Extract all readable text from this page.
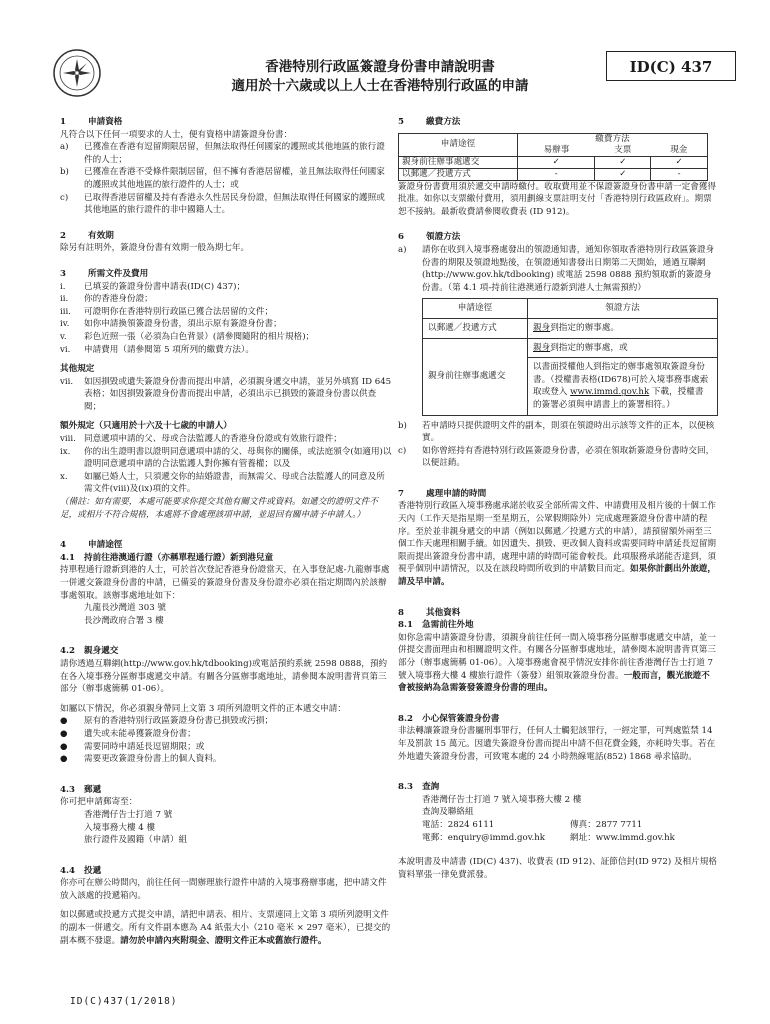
香港特別行政區簽證身份書申請說明書
適用於十六歲或以上人士在香港特別行政區的申請
ID(C) 437
1	申請資格

凡符合以下任何一項要求的人士，便有資格申請簽證身份書：

a)	已獲准在香港有逗留期限居留，但無法取得任何國家的護照或其他地區的旅行證件的人士；
b)	已獲准在香港不受條件限制居留，但不擁有香港居留權，並且無法取得任何國家的護照或其他地區的旅行證件的人士；或
c)	已取得香港居留權及持有香港永久性居民身份證，但無法取得任何國家的護照或其他地區的旅行證件的非中國籍人士。
2	有效期

除另有註明外，簽證身份書有效期一般為期七年。

3	所需文件及費用
i.	已填妥的簽證身份書申請表(ID(C) 437)；
ii.	你的香港身份證；
iii.	可證明你在香港特別行政區已獲合法居留的文件；
iv.	如你申請換領簽證身份書，須出示原有簽證身份書；
v.	彩色近照一張（必須為白色背景）(請參閱隨附的相片規格)；
vi.	申請費用（請參閱第 5 項所列的繳費方法）。

其他規定

vii.	如因損毀或遺失簽證身份書而提出申請，必須親身遞交申請，並另外填寫 ID 645 表格；如因損毀簽證身份書而提出申請，必須出示已損毀的簽證身份書以供查閱；

額外規定（只適用於十六及十七歲的申請人）

viii. 同意遞項申請的父、母或合法監護人的香港身份證或有效旅行證件；
ix.	你的出生證明書以證明同意遞項申請的父、母與你的關係，或法庭頒令(如適用)以證明同意遞項申請的合法監護人對你擁有管養權；以及
x.	如屬已婚人士，只須遞交你的結婚證書，而無需父、母或合法監護人的同意及所需文件(viii)及(ix)項的文件。

（備註：如有需要，本處可能要求你提交其他有關文件或資料。如遞交的證明文件不足，或相片不符合規格，本處將不會處理該項申請，並退回有關申請予申請人。）

4	申請途徑
4.1	持前往港澳通行證（亦稱單程通行證）新到港兒童

持單程通行證新到港的人士，可於首次登記香港身份證當天，在入事登記處-九龍辦事處一併遞交簽證身份書的申請，已備妥的簽證身份書及身份證亦必須在指定期間內於該辦事處領取。該辦事處地址如下：

九龍長沙灣道 303 號

長沙灣政府合署 3 樓

4.2	親身遞交

請你透過互聯網(http://www.gov.hk/tdbooking)或電話預約系統 2598 0888，預約在各入境事務分區辦事處遞交申請。有關各分區辦事處地址，請參閱本說明書背頁第三部分（辦事處簡稱 01-06）。

如屬以下情況，你必須親身帶同上文第 3 項所列證明文件的正本遞交申請：

●	原有的香港特別行政區簽證身份書已損毀或污損；
●	遺失或未能尋獲簽證身份書；
●	需要同時申請延長逗留期限；或
●	需要更改簽證身份書上的個人資料。
4.3	郵遞

你可把申請郵寄至：

香港灣仔告士打道 7 號

入境事務大樓 4 樓

旅行證件及國籍（申請）組

4.4	投遞

你亦可在辦公時間內，前往任何一間辦理旅行證件申請的入境事務辦事處，把申請文件放入該處的投遞箱內。

如以郵遞或投遞方式提交申請，請把申請表、相片、支票連同上文第 3 項所列證明文件的副本一併遞交。所有文件副本應為 A4 紙張大小（210 毫米 × 297 毫米），已提交的副本概不發還。請勿於申請內夾附現金、證明文件正本或舊旅行證件。

5	繳費方法
申請途徑	繳費方法		
	易辦事	支票	現金
親身前往辦事處遞交	✓	✓	✓
以郵遞／投遞方式	-	✓	-

簽證身份書費用須於遞交申請時繳付。收取費用並不保證簽證身份書申請一定會獲得批准。如你以支票繳付費用，須用劃線支票註明支付「香港特別行政區政府」。期票恕不接納。最新收費請參閱收費表 (ID 912)。

6	領證方法
a)	請你在收到入境事務處發出的領證通知書，通知你領取香港特別行政區簽證身份書的期限及領證地點後，在領證通知書發出日期第二天開始，通過互聯網 (http://www.gov.hk/tdbooking) 或電話 2598 0888 預約領取新的簽證身份書。（第 4.1 項-持前往港澳通行證新到港人士無需預約）
申請途徑	領證方法
以郵遞／投遞方式	親身到指定的辦事處。
親身前往辦事處遞交	親身到指定的辦事處，或
	以書面授權他人到指定的辦事處領取簽證身份書。（授權書表格(ID678)可於入境事務事處索取或登入 www.immd.gov.hk 下載，授權書的簽署必須與申請書上的簽署相符。）
b)	若申請時只提供證明文件的副本，則須在領證時出示該等文件的正本，以便核實。
c)	如你曾經持有香港特別行政區簽證身份書，必須在領取新簽證身份書時交回，以便註銷。
7	處理申請的時間

香港特別行政區入境事務處承諾於收妥全部所需文件、申請費用及相片後的十個工作天內（工作天是指星期一至星期五，公眾假期除外）完成處理簽證身份書申請的程序。至於並非親身遞交的申請（例如以郵遞／投遞方式的申請），請預留額外兩至三個工作天處理相關手續。如因遺失、損毀、更改個人資料或需要同時申請延長逗留期限而提出簽證身份書申請，處理申請的時間可能會較長。此項服務承諾能否達到，須視乎個別申請情況，以及在該段時間所收到的申請數目而定。如果你計劃出外旅遊，請及早申請。

8	其他資料
8.1	急需前往外地

如你急需申請簽證身份書，須親身前往任何一間入境事務分區辦事處遞交申請，並一併提交書面理由和相關證明文件。有關各分區辦事處地址，請參閱本說明書背頁第三部分（辦事處簡稱 01-06）。入境事務處會視乎情況安排你前往香港灣仔告士打道 7 號入境事務大樓 4 樓旅行證件（簽發）組領取簽證身份書。一般而言，觀光旅遊不會被接納為急需簽發簽證身份書的理由。

8.2	小心保管簽證身份書

非法轉讓簽證身份書屬刑事罪行，任何人士觸犯該罪行，一經定罪，可判處監禁 14 年及罰款 15 萬元。因遺失簽證身份書而提出申請不但花費金錢，亦耗時失事。若在外地遺失簽證身份書，可致電本處的 24 小時熱線電話(852) 1868 尋求協助。

8.3	查詢

香港灣仔告士打道 7 號入境事務大樓 2 樓

查詢及聯絡組

電話：2824 6111	傳真：2877 7711
電郵：enquiry@immd.gov.hk	網址：www.immd.gov.hk

本說明書及申請書 (ID(C) 437)、收費表 (ID 912)、証節信封(ID 972) 及相片規格資料單張一律免費派發。

ID(C)437(1/2018)
